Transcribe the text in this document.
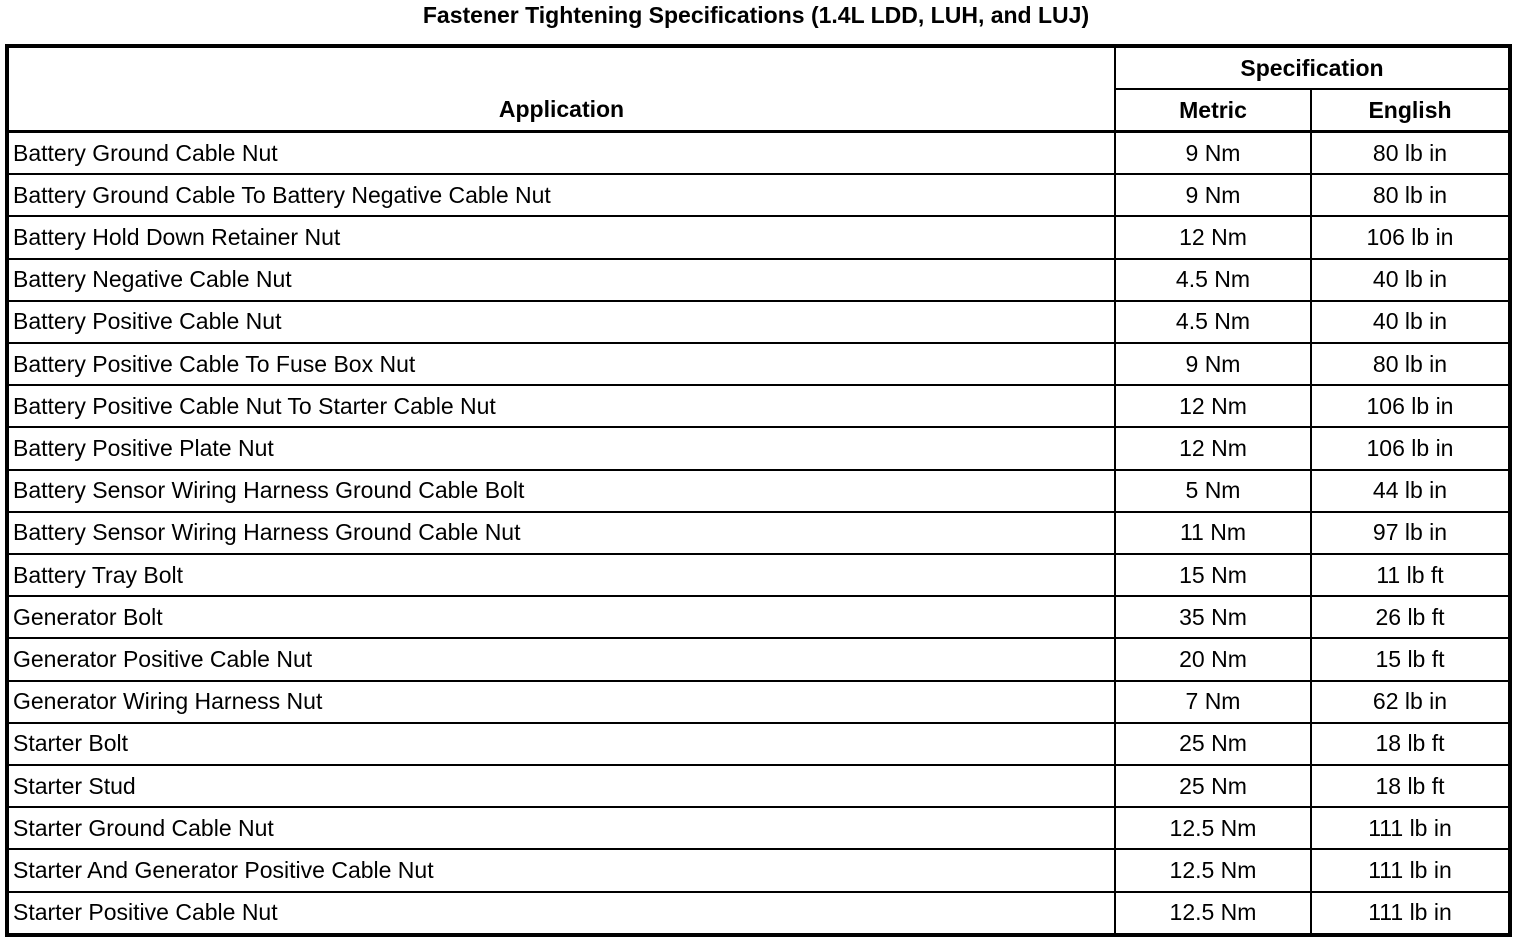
Fastener Tightening Specifications (1.4L LDD, LUH, and LUJ)
Application	Specification	
	Metric	English
Battery Ground Cable Nut	9 Nm	80 lb in
Battery Ground Cable To Battery Negative Cable Nut	9 Nm	80 lb in
Battery Hold Down Retainer Nut	12 Nm	106 lb in
Battery Negative Cable Nut	4.5 Nm	40 lb in
Battery Positive Cable Nut	4.5 Nm	40 lb in
Battery Positive Cable To Fuse Box Nut	9 Nm	80 lb in
Battery Positive Cable Nut To Starter Cable Nut	12 Nm	106 lb in
Battery Positive Plate Nut	12 Nm	106 lb in
Battery Sensor Wiring Harness Ground Cable Bolt	5 Nm	44 lb in
Battery Sensor Wiring Harness Ground Cable Nut	11 Nm	97 lb in
Battery Tray Bolt	15 Nm	11 lb ft
Generator Bolt	35 Nm	26 lb ft
Generator Positive Cable Nut	20 Nm	15 lb ft
Generator Wiring Harness Nut	7 Nm	62 lb in
Starter Bolt	25 Nm	18 lb ft
Starter Stud	25 Nm	18 lb ft
Starter Ground Cable Nut	12.5 Nm	111 lb in
Starter And Generator Positive Cable Nut	12.5 Nm	111 lb in
Starter Positive Cable Nut	12.5 Nm	111 lb in
